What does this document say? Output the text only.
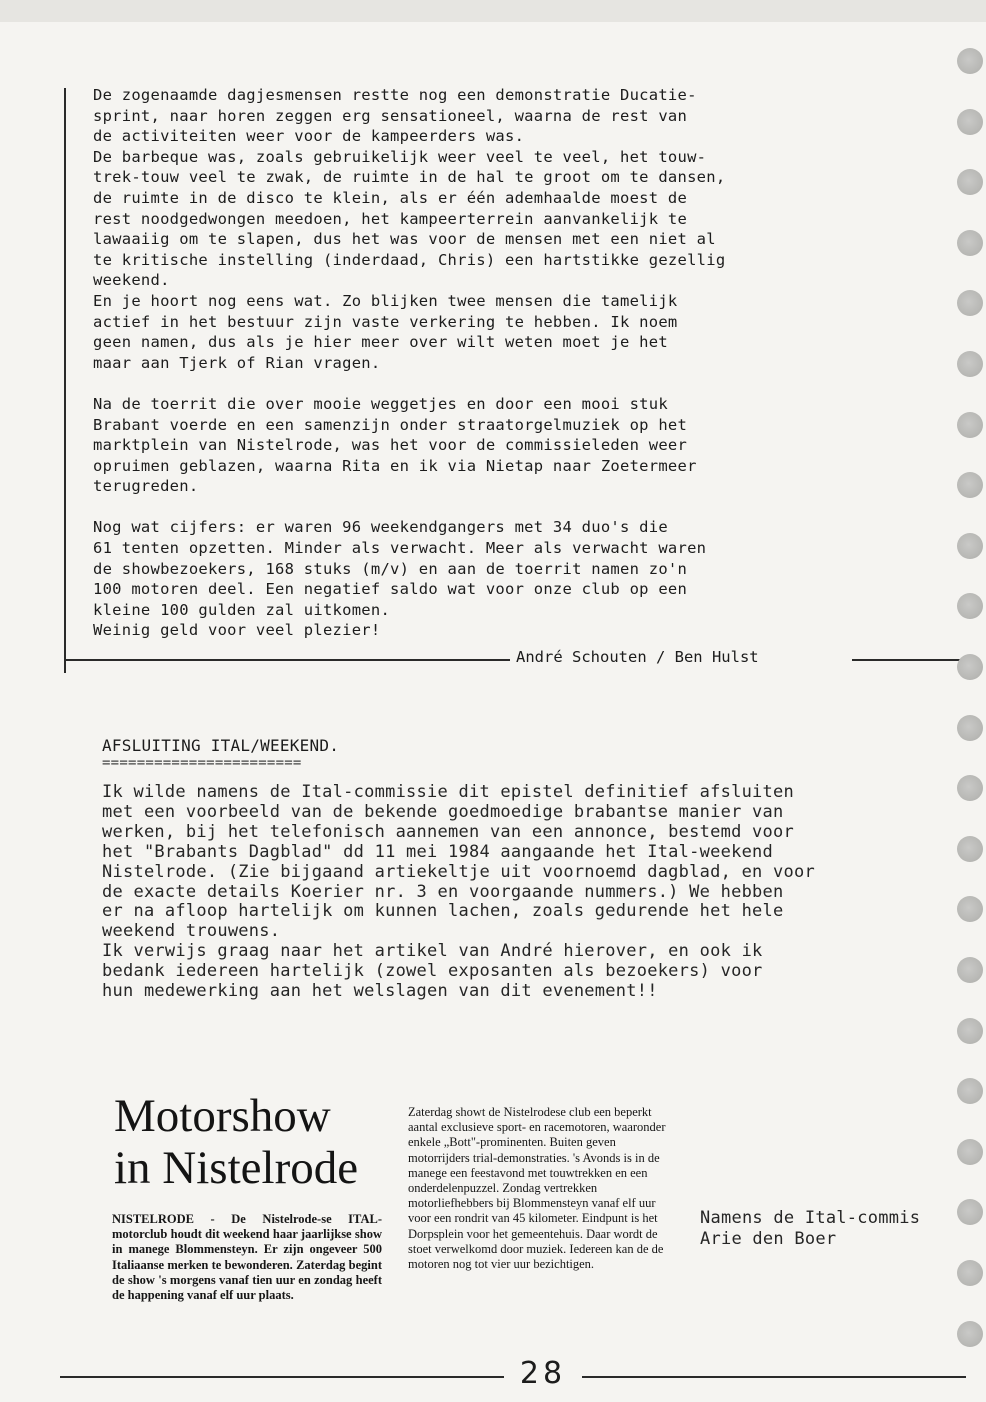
De zogenaamde dagjesmensen restte nog een demonstratie Ducatie-
sprint, naar horen zeggen erg sensationeel, waarna de rest van
de activiteiten weer voor de kampeerders was.
De barbeque was, zoals gebruikelijk weer veel te veel, het touw-
trek-touw veel te zwak, de ruimte in de hal te groot om te dansen,
de ruimte in de disco te klein, als er één ademhaalde moest de
rest noodgedwongen meedoen, het kampeerterrein aanvankelijk te
lawaaiig om te slapen, dus het was voor de mensen met een niet al
te kritische instelling (inderdaad, Chris) een hartstikke gezellig
weekend.
En je hoort nog eens wat. Zo blijken twee mensen die tamelijk
actief in het bestuur zijn vaste verkering te hebben. Ik noem
geen namen, dus als je hier meer over wilt weten moet je het
maar aan Tjerk of Rian vragen.

Na de toerrit die over mooie weggetjes en door een mooi stuk
Brabant voerde en een samenzijn onder straatorgelmuziek op het
marktplein van Nistelrode, was het voor de commissieleden weer
opruimen geblazen, waarna Rita en ik via Nietap naar Zoetermeer
terugreden.

Nog wat cijfers: er waren 96 weekendgangers met 34 duo's die
61 tenten opzetten. Minder als verwacht. Meer als verwacht waren
de showbezoekers, 168 stuks (m/v) en aan de toerrit namen zo'n
100 motoren deel. Een negatief saldo wat voor onze club op een
kleine 100 gulden zal uitkomen.
Weinig geld voor veel plezier!
André Schouten / Ben Hulst
AFSLUITING ITAL/WEEKEND.
=======================
Ik wilde namens de Ital-commissie dit epistel definitief afsluiten
met een voorbeeld van de bekende goedmoedige brabantse manier van
werken, bij het telefonisch aannemen van een annonce, bestemd voor
het "Brabants Dagblad" dd 11 mei 1984 aangaande het Ital-weekend
Nistelrode. (Zie bijgaand artiekeltje uit voornoemd dagblad, en voor
de exacte details Koerier nr. 3 en voorgaande nummers.) We hebben
er na afloop hartelijk om kunnen lachen, zoals gedurende het hele
weekend trouwens.
Ik verwijs graag naar het artikel van André hierover, en ook ik
bedank iedereen hartelijk (zowel exposanten als bezoekers) voor
hun medewerking aan het welslagen van dit evenement!!
Motorshow
in Nistelrode

NISTELRODE - De Nistelrode-se ITAL-motorclub houdt dit weekend haar jaarlijkse show in manege Blommensteyn. Er zijn ongeveer 500 Italiaanse merken te bewonderen. Zaterdag begint de show 's morgens vanaf tien uur en zondag heeft de happening vanaf elf uur plaats.

Zaterdag showt de Nistelrodese club een beperkt aantal exclusieve sport- en racemotoren, waaronder enkele „Bott"-prominenten. Buiten geven motorrijders trial-demonstraties. 's Avonds is in de manege een feestavond met touwtrekken en een onderdelenpuzzel. Zondag vertrekken motorliefhebbers bij Blommensteyn vanaf elf uur voor een rondrit van 45 kilometer. Eindpunt is het Dorpsplein voor het gemeentehuis. Daar wordt de stoet verwelkomd door muziek. Iedereen kan de de motoren nog tot vier uur bezichtigen.

Namens de Ital-commis
Arie den Boer
28
